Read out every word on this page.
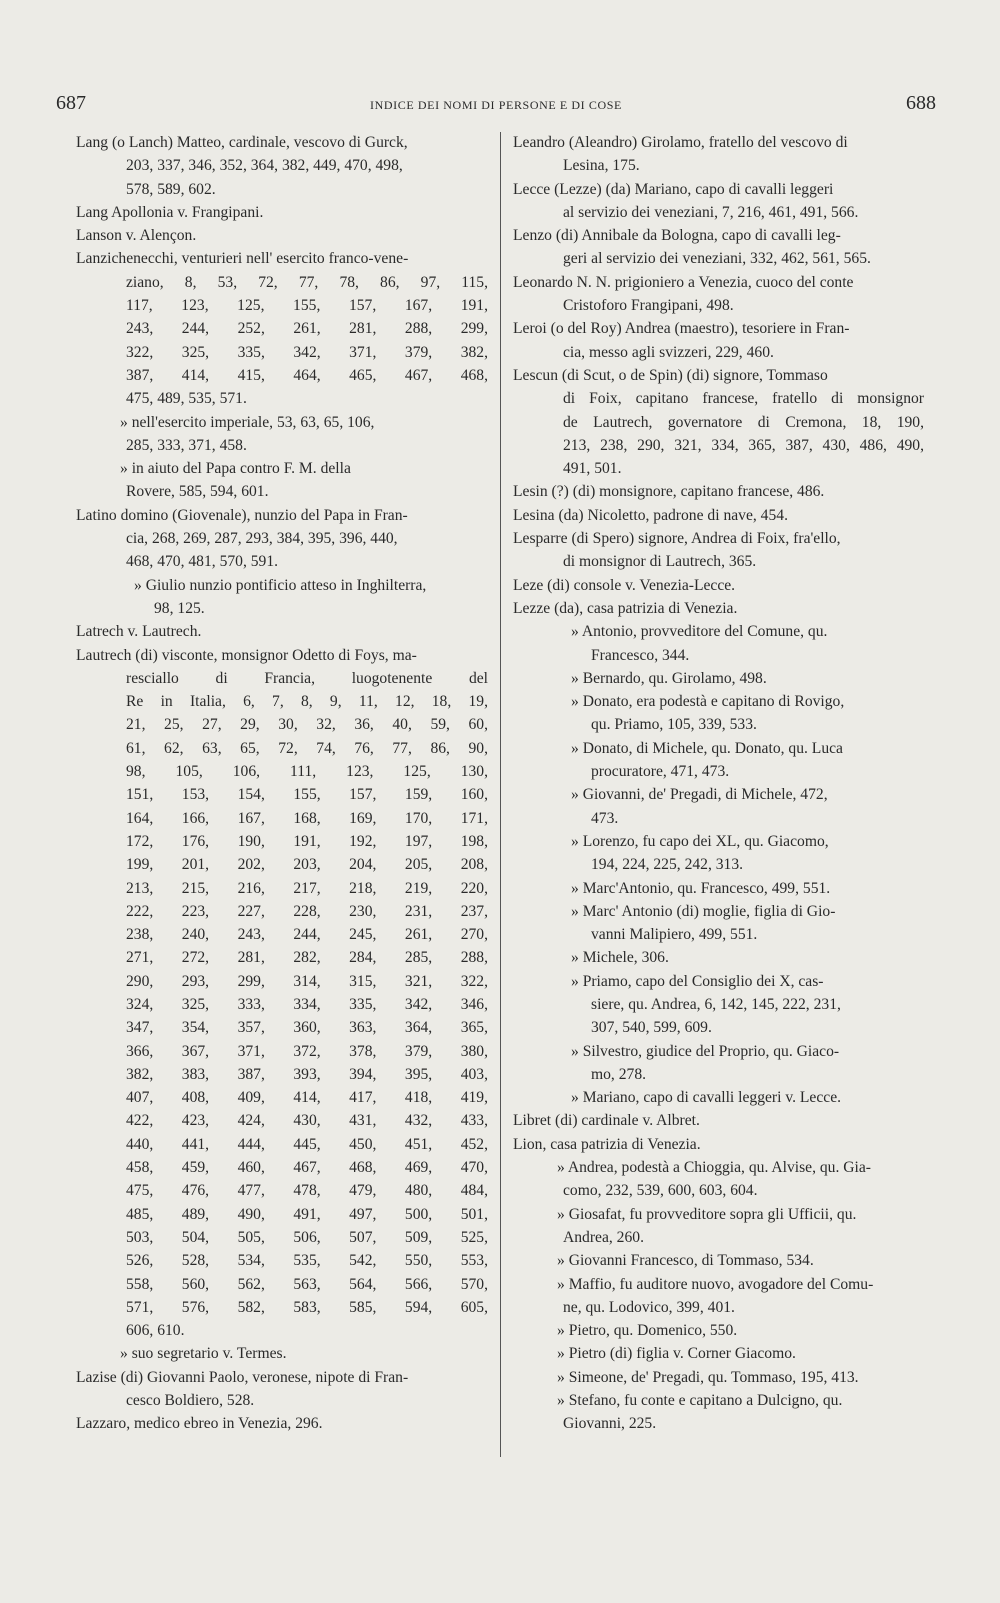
687	INDICE DEI NOMI DI PERSONE E DI COSE	688
Lang (o Lanch) Matteo, cardinale, vescovo di Gurck,
203, 337, 346, 352, 364, 382, 449, 470, 498,
578, 589, 602.
Lang Apollonia v. Frangipani.
Lanson v. Alençon.
Lanzichenecchi, venturieri nell' esercito franco-vene-
ziano, 8, 53, 72, 77, 78, 86, 97, 115,
117, 123, 125, 155, 157, 167, 191,
243, 244, 252, 261, 281, 288, 299,
322, 325, 335, 342, 371, 379, 382,
387, 414, 415, 464, 465, 467, 468,
475, 489, 535, 571.
» nell'esercito imperiale, 53, 63, 65, 106,
285, 333, 371, 458.
» in aiuto del Papa contro F. M. della
Rovere, 585, 594, 601.
Latino domino (Giovenale), nunzio del Papa in Fran-
cia, 268, 269, 287, 293, 384, 395, 396, 440,
468, 470, 481, 570, 591.
» Giulio nunzio pontificio atteso in Inghilterra,
98, 125.
Latrech v. Lautrech.
Lautrech (di) visconte, monsignor Odetto di Foys, ma-
resciallo di Francia, luogotenente del
Re in Italia, 6, 7, 8, 9, 11, 12, 18, 19,
21, 25, 27, 29, 30, 32, 36, 40, 59, 60,
61, 62, 63, 65, 72, 74, 76, 77, 86, 90,
98, 105, 106, 111, 123, 125, 130,
151, 153, 154, 155, 157, 159, 160,
164, 166, 167, 168, 169, 170, 171,
172, 176, 190, 191, 192, 197, 198,
199, 201, 202, 203, 204, 205, 208,
213, 215, 216, 217, 218, 219, 220,
222, 223, 227, 228, 230, 231, 237,
238, 240, 243, 244, 245, 261, 270,
271, 272, 281, 282, 284, 285, 288,
290, 293, 299, 314, 315, 321, 322,
324, 325, 333, 334, 335, 342, 346,
347, 354, 357, 360, 363, 364, 365,
366, 367, 371, 372, 378, 379, 380,
382, 383, 387, 393, 394, 395, 403,
407, 408, 409, 414, 417, 418, 419,
422, 423, 424, 430, 431, 432, 433,
440, 441, 444, 445, 450, 451, 452,
458, 459, 460, 467, 468, 469, 470,
475, 476, 477, 478, 479, 480, 484,
485, 489, 490, 491, 497, 500, 501,
503, 504, 505, 506, 507, 509, 525,
526, 528, 534, 535, 542, 550, 553,
558, 560, 562, 563, 564, 566, 570,
571, 576, 582, 583, 585, 594, 605,
606, 610.
» suo segretario v. Termes.
Lazise (di) Giovanni Paolo, veronese, nipote di Fran-
cesco Boldiero, 528.
Lazzaro, medico ebreo in Venezia, 296.
Leandro (Aleandro) Girolamo, fratello del vescovo di
Lesina, 175.
Lecce (Lezze) (da) Mariano, capo di cavalli leggeri
al servizio dei veneziani, 7, 216, 461, 491, 566.
Lenzo (di) Annibale da Bologna, capo di cavalli leg-
geri al servizio dei veneziani, 332, 462, 561, 565.
Leonardo N. N. prigioniero a Venezia, cuoco del conte
Cristoforo Frangipani, 498.
Leroi (o del Roy) Andrea (maestro), tesoriere in Fran-
cia, messo agli svizzeri, 229, 460.
Lescun (di Scut, o de Spin) (di) signore, Tommaso
di Foix, capitano francese, fratello di monsignor
de Lautrech, governatore di Cremona, 18, 190,
213, 238, 290, 321, 334, 365, 387, 430, 486, 490,
491, 501.
Lesin (?) (di) monsignore, capitano francese, 486.
Lesina (da) Nicoletto, padrone di nave, 454.
Lesparre (di Spero) signore, Andrea di Foix, fra'ello,
di monsignor di Lautrech, 365.
Leze (di) console v. Venezia-Lecce.
Lezze (da), casa patrizia di Venezia.
» Antonio, provveditore del Comune, qu.
Francesco, 344.
» Bernardo, qu. Girolamo, 498.
» Donato, era podestà e capitano di Rovigo,
qu. Priamo, 105, 339, 533.
» Donato, di Michele, qu. Donato, qu. Luca
procuratore, 471, 473.
» Giovanni, de' Pregadi, di Michele, 472,
473.
» Lorenzo, fu capo dei XL, qu. Giacomo,
194, 224, 225, 242, 313.
» Marc'Antonio, qu. Francesco, 499, 551.
» Marc' Antonio (di) moglie, figlia di Gio-
vanni Malipiero, 499, 551.
» Michele, 306.
» Priamo, capo del Consiglio dei X, cas-
siere, qu. Andrea, 6, 142, 145, 222, 231,
307, 540, 599, 609.
» Silvestro, giudice del Proprio, qu. Giaco-
mo, 278.
» Mariano, capo di cavalli leggeri v. Lecce.
Libret (di) cardinale v. Albret.
Lion, casa patrizia di Venezia.
» Andrea, podestà a Chioggia, qu. Alvise, qu. Gia-
como, 232, 539, 600, 603, 604.
» Giosafat, fu provveditore sopra gli Ufficii, qu.
Andrea, 260.
» Giovanni Francesco, di Tommaso, 534.
» Maffio, fu auditore nuovo, avogadore del Comu-
ne, qu. Lodovico, 399, 401.
» Pietro, qu. Domenico, 550.
» Pietro (di) figlia v. Corner Giacomo.
» Simeone, de' Pregadi, qu. Tommaso, 195, 413.
» Stefano, fu conte e capitano a Dulcigno, qu.
Giovanni, 225.
